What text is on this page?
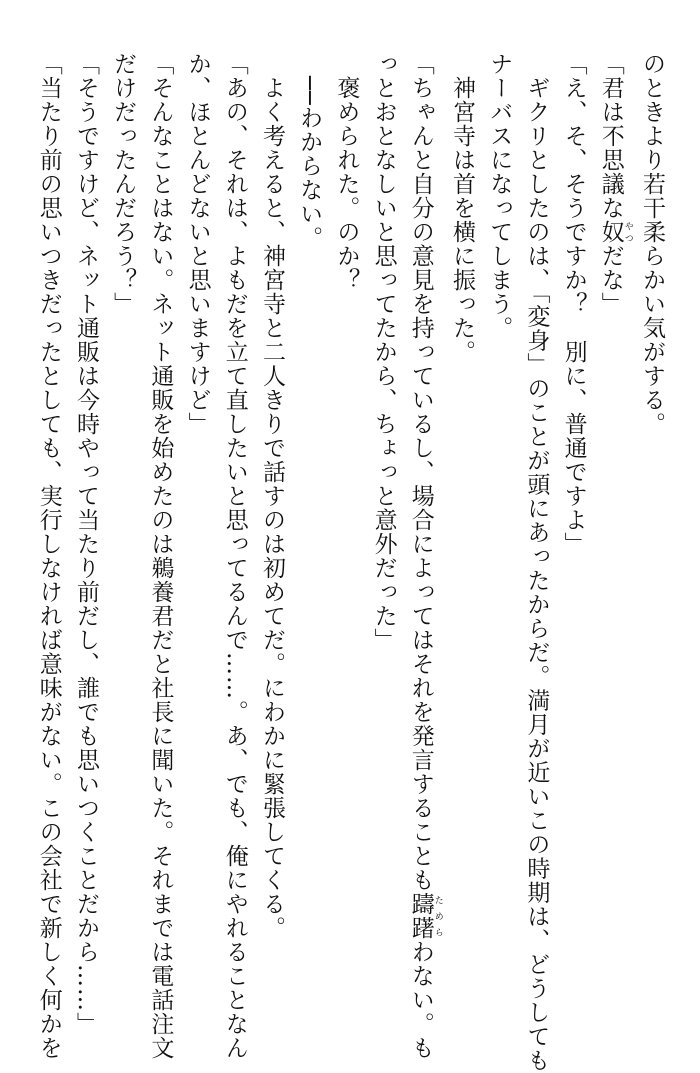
のときより若干柔らかい気がする。

「君は不思議な奴 やつだな」

「え、そ、そうですか？　別に、普通ですよ」

　ギクリとしたのは、「変身」のことが頭にあったからだ。満月が近いこの時期は、どうしても

ナーバスになってしまう。

　神宮寺は首を横に振った。

「ちゃんと自分の意見を持っているし、場合によってはそれを発言することも躊躇 ためらわない。も

っとおとなしいと思ってたから、ちょっと意外だった」

　褒められた。のか？

　──わからない。

　よく考えると、神宮寺と二人きりで話すのは初めてだ。にわかに緊張してくる。

「あの、それは、よもだを立て直したいと思ってるんで……。あ、でも、俺にやれることなん

か、ほとんどないと思いますけど」

「そんなことはない。ネット通販を始めたのは鵜養君だと社長に聞いた。それまでは電話注文

だけだったんだろう？」

「そうですけど、ネット通販は今時やって当たり前だし、誰でも思いつくことだから……」

「当たり前の思いつきだったとしても、実行しなければ意味がない。この会社で新しく何かを
